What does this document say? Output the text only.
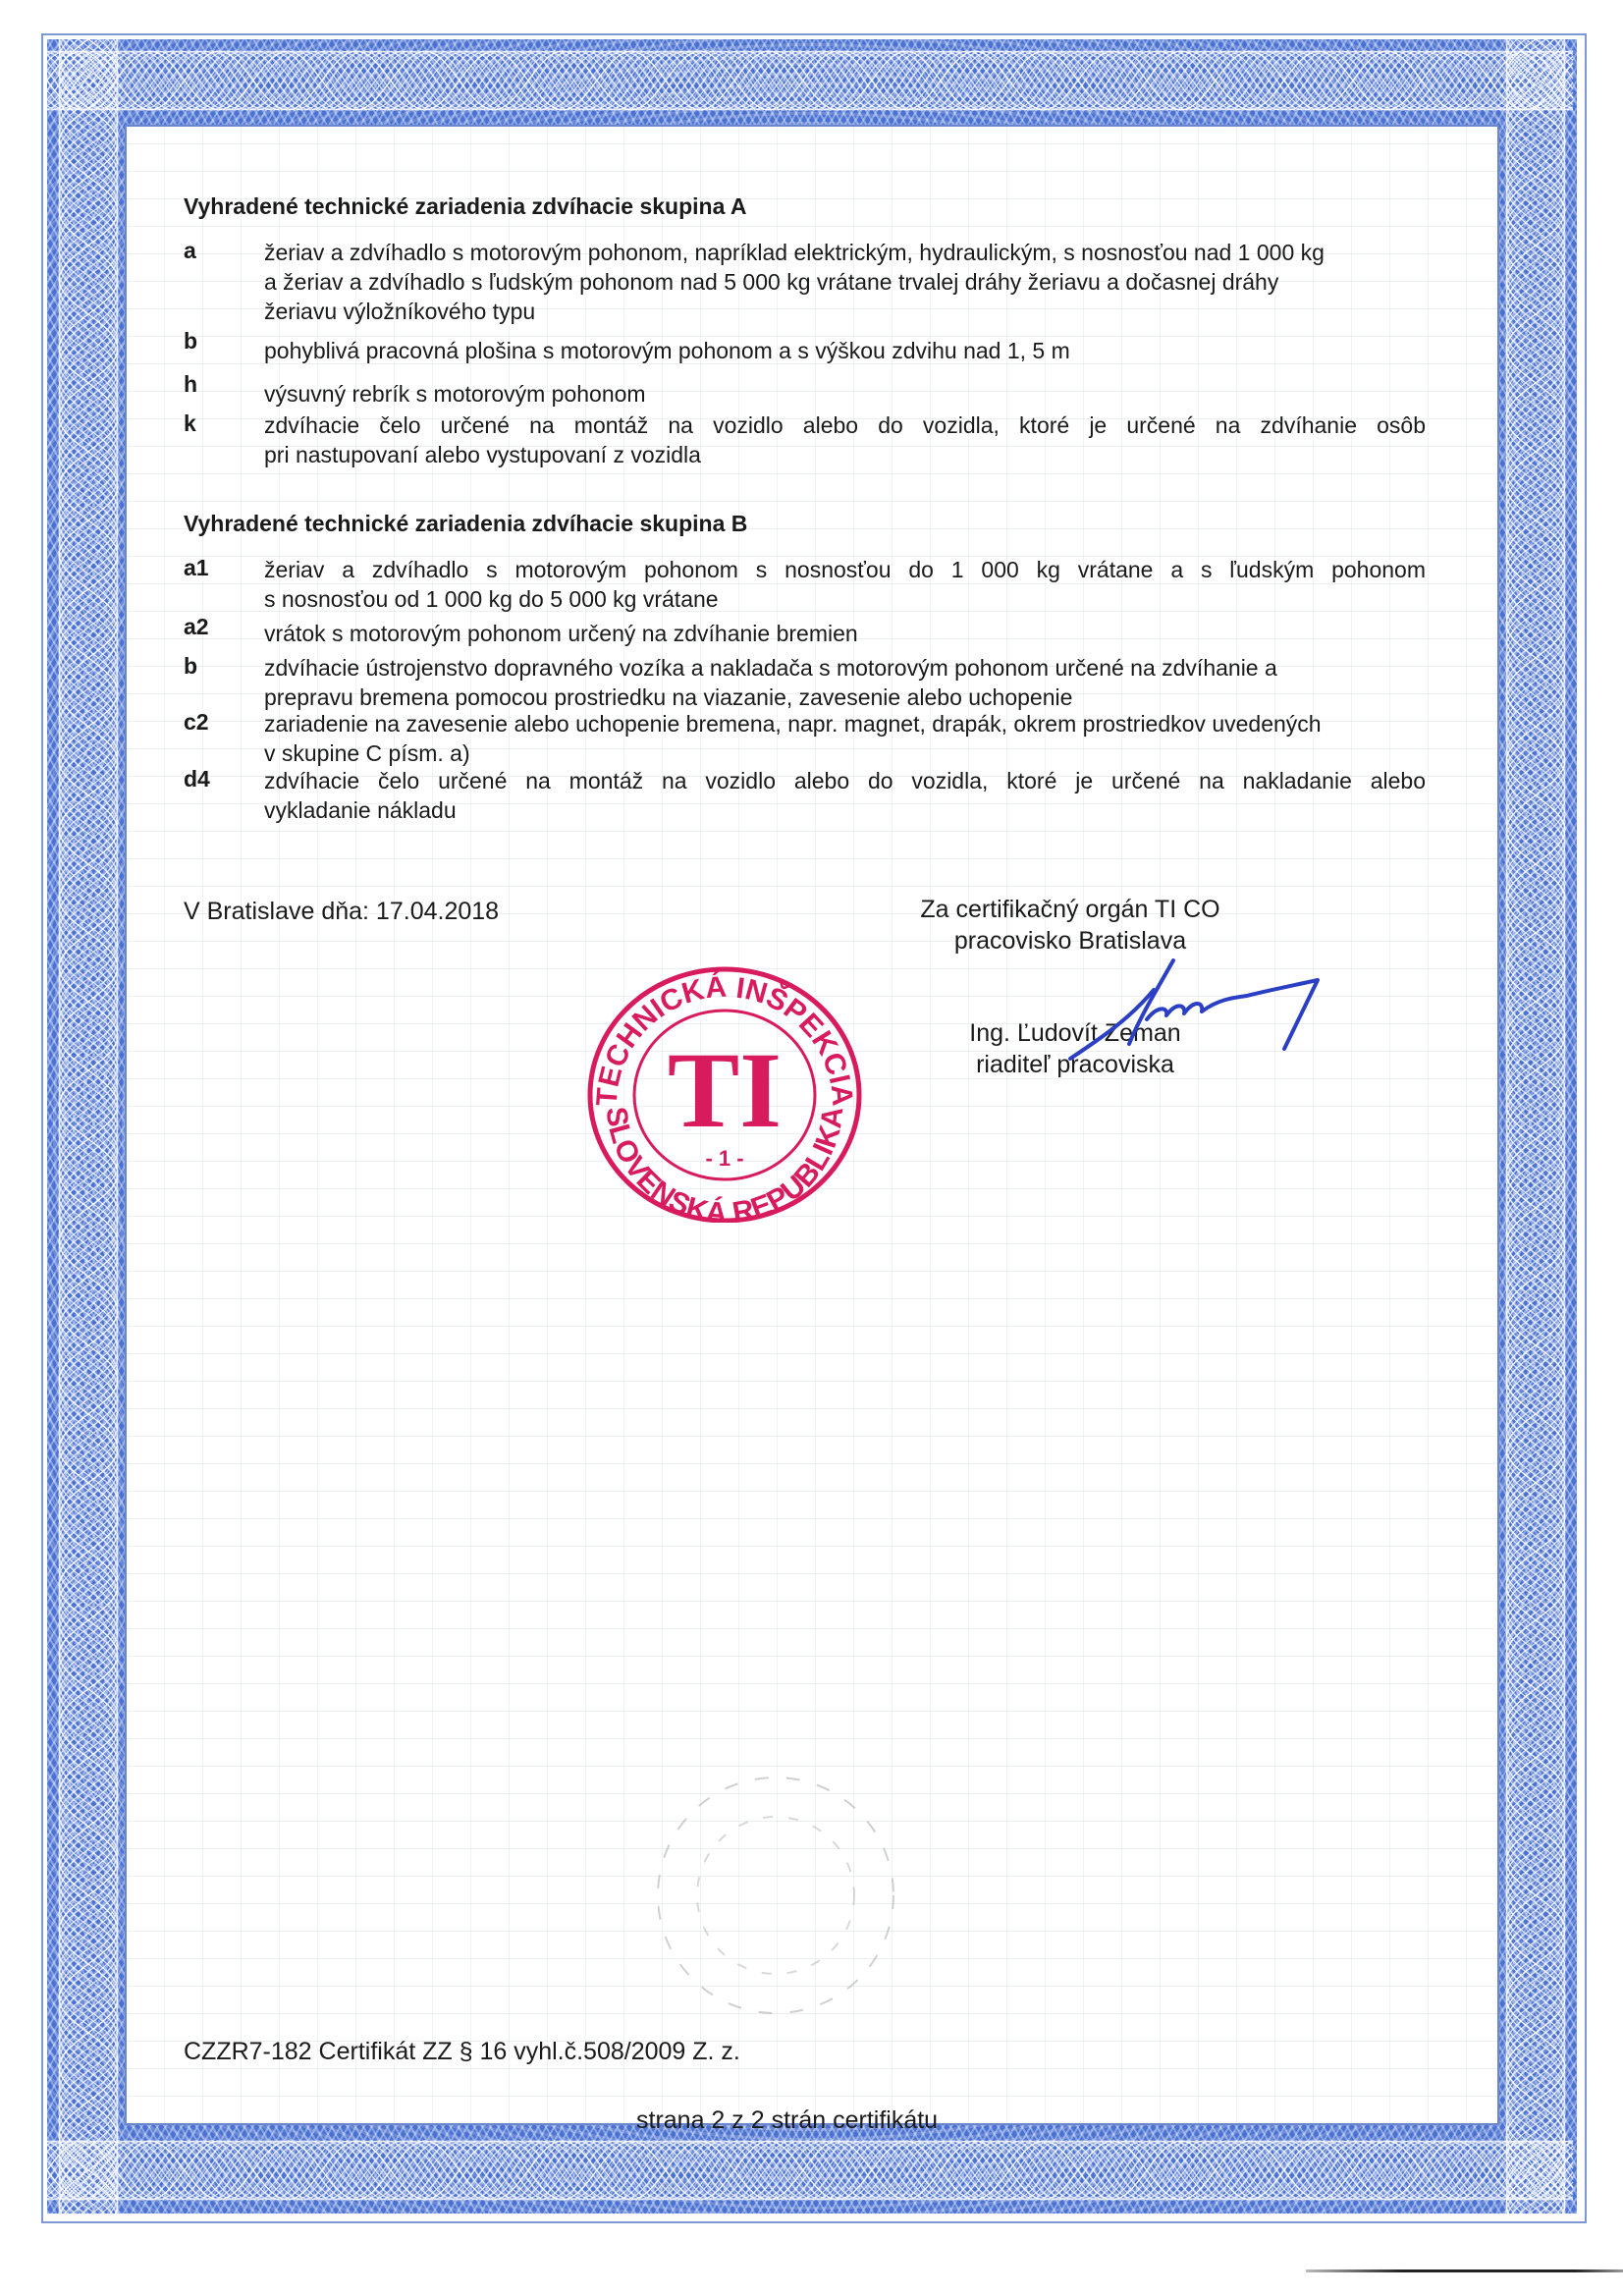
Vyhradené technické zariadenia zdvíhacie skupina A
a	žeriav a zdvíhadlo s motorovým pohonom, napríklad elektrickým, hydraulickým, s nosnosťou nad 1 000 kg
a žeriav a zdvíhadlo s ľudským pohonom nad 5 000 kg vrátane trvalej dráhy žeriavu a dočasnej dráhy
žeriavu výložníkového typu
b	pohyblivá pracovná plošina s motorovým pohonom a s výškou zdvihu nad 1, 5 m
h	výsuvný rebrík s motorovým pohonom
k	zdvíhacie čelo určené na montáž na vozidlo alebo do vozidla, ktoré je určené na zdvíhanie osôb
pri nastupovaní alebo vystupovaní z vozidla
Vyhradené technické zariadenia zdvíhacie skupina B
a1 žeriav a zdvíhadlo s motorovým pohonom s nosnosťou do 1 000 kg vrátane a s ľudským pohonom
s nosnosťou od 1 000 kg do 5 000 kg vrátane
a2 vrátok s motorovým pohonom určený na zdvíhanie bremien
b	zdvíhacie ústrojenstvo dopravného vozíka a nakladača s motorovým pohonom určené na zdvíhanie a
prepravu bremena pomocou prostriedku na viazanie, zavesenie alebo uchopenie
c2 zariadenie na zavesenie alebo uchopenie bremena, napr. magnet, drapák, okrem prostriedkov uvedených
v skupine C písm. a)
d4 zdvíhacie čelo určené na montáž na vozidlo alebo do vozidla, ktoré je určené na nakladanie alebo
vykladanie nákladu
V Bratislave dňa: 17.04.2018	Za certifikačný orgán TI CO
pracovisko Bratislava
Ing. Ľudovít Zeman
riaditeľ pracoviska
TECHNICKÁ INŠPEKCIA
SLOVENSKÁ REPUBLIKA
TI
- 1 -
CZZR7-182 Certifikát ZZ § 16 vyhl.č.508/2009 Z. z.
strana 2 z 2 strán certifikátu
